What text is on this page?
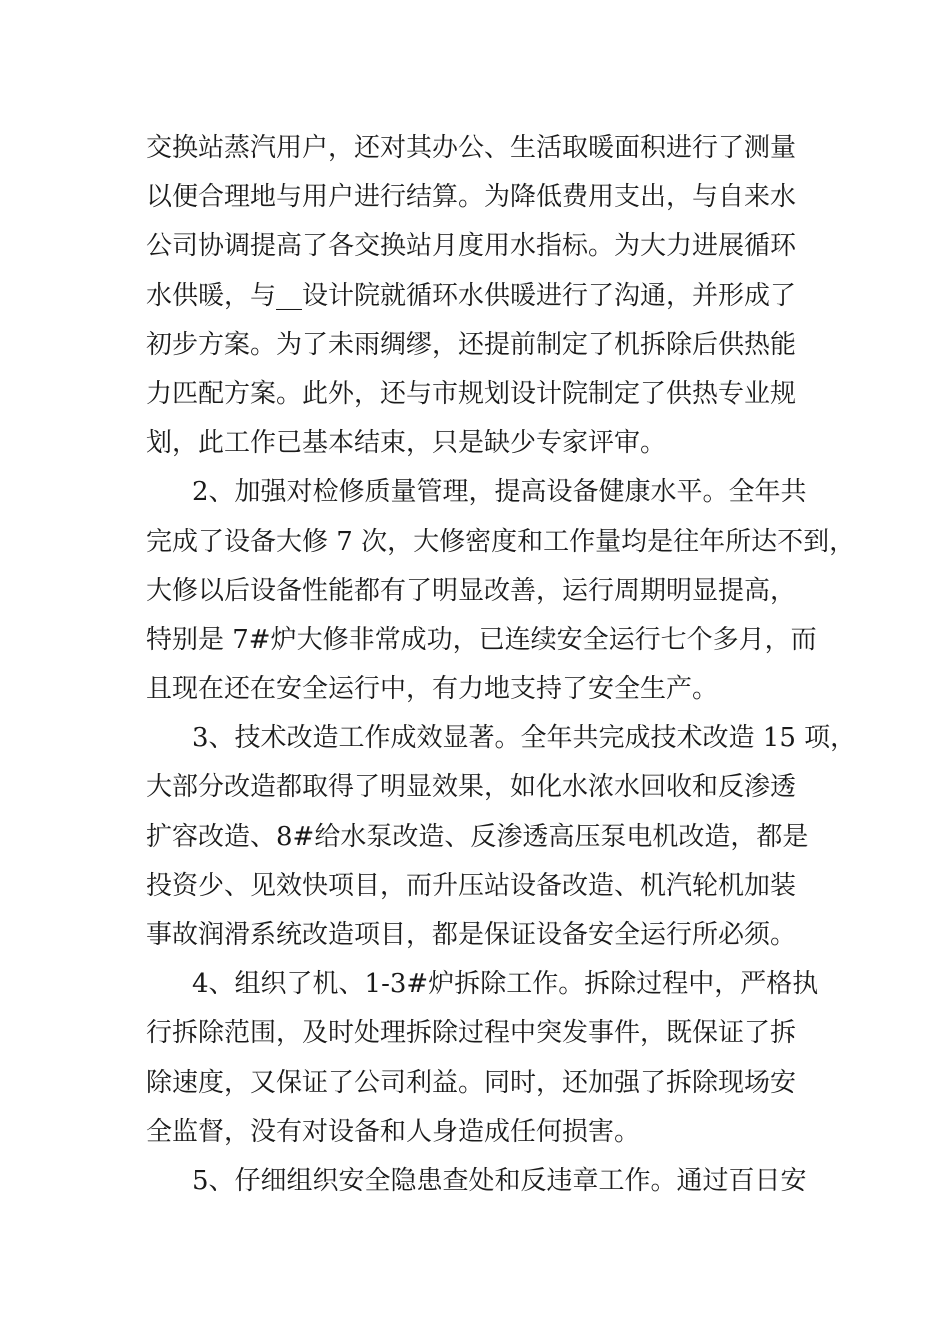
交换站蒸汽用户，还对其办公、生活取暖面积进行了测量
以便合理地与用户进行结算。为降低费用支出，与自来水
公司协调提高了各交换站月度用水指标。为大力进展循环
水供暖，与__设计院就循环水供暖进行了沟通，并形成了
初步方案。为了未雨绸缪，还提前制定了机拆除后供热能
力匹配方案。此外，还与市规划设计院制定了供热专业规
划，此工作已基本结束，只是缺少专家评审。
2、加强对检修质量管理，提高设备健康水平。全年共
完成了设备大修 7 次，大修密度和工作量均是往年所达不到，
大修以后设备性能都有了明显改善，运行周期明显提高，
特别是 7#炉大修非常成功，已连续安全运行七个多月，而
且现在还在安全运行中，有力地支持了安全生产。
3、技术改造工作成效显著。全年共完成技术改造 15 项，
大部分改造都取得了明显效果，如化水浓水回收和反渗透
扩容改造、8#给水泵改造、反渗透高压泵电机改造，都是
投资少、见效快项目，而升压站设备改造、机汽轮机加装
事故润滑系统改造项目，都是保证设备安全运行所必须。
4、组织了机、1-3#炉拆除工作。拆除过程中，严格执
行拆除范围，及时处理拆除过程中突发事件，既保证了拆
除速度，又保证了公司利益。同时，还加强了拆除现场安
全监督，没有对设备和人身造成任何损害。
5、仔细组织安全隐患查处和反违章工作。通过百日安
